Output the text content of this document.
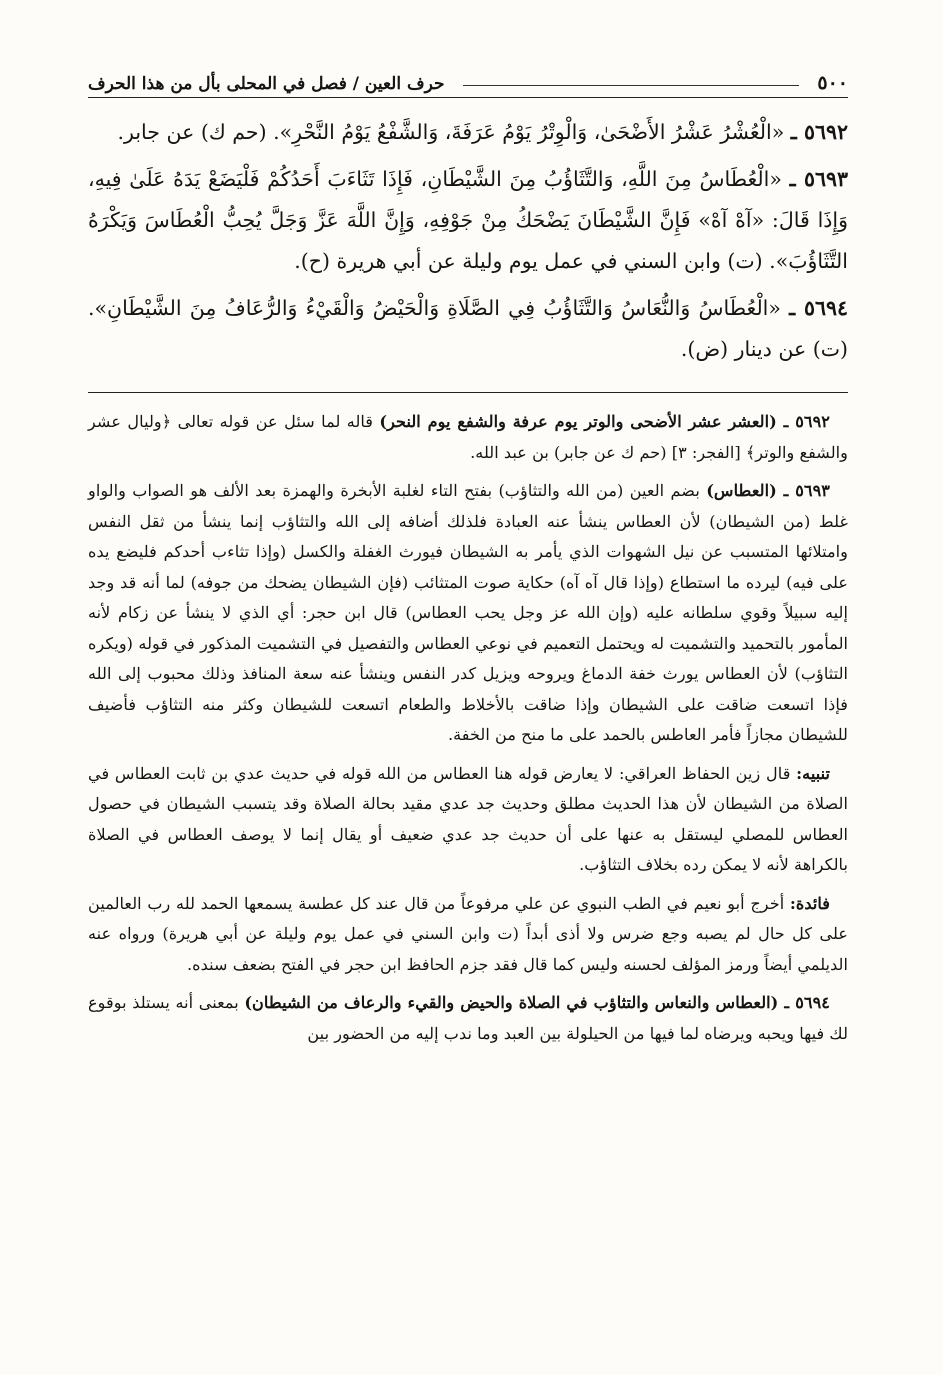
٥٠٠
حرف العين / فصل في المحلى بأل من هذا الحرف

٥٦٩٢ ـ «الْعُشْرُ عَشْرُ الأَضْحَىٰ، وَالْوِتْرُ يَوْمُ عَرَفَةَ، وَالشَّفْعُ يَوْمُ النَّحْرِ». (حم ك) عن جابر.

٥٦٩٣ ـ «الْعُطَاسُ مِنَ اللَّهِ، وَالتَّثَاؤُبُ مِنَ الشَّيْطَانِ، فَإِذَا تَثَاءَبَ أَحَدُكُمْ فَلْيَضَعْ يَدَهُ عَلَىٰ فِيهِ، وَإِذَا قَالَ: «آهْ آهْ» فَإِنَّ الشَّيْطَانَ يَضْحَكُ مِنْ جَوْفِهِ، وَإِنَّ اللَّهَ عَزَّ وَجَلَّ يُحِبُّ الْعُطَاسَ وَيَكْرَهُ التَّثَاؤُبَ». (ت) وابن السني في عمل يوم وليلة عن أبي هريرة (ح).

٥٦٩٤ ـ «الْعُطَاسُ وَالنُّعَاسُ وَالتَّثَاؤُبُ فِي الصَّلَاةِ وَالْحَيْضُ وَالْقَيْءُ وَالرُّعَافُ مِنَ الشَّيْطَانِ». (ت) عن دينار (ض).

٥٦٩٢ ـ (العشر عشر الأضحى والوتر يوم عرفة والشفع يوم النحر) قاله لما سئل عن قوله تعالى ﴿وليال عشر والشفع والوتر﴾ [الفجر: ٣] (حم ك عن جابر) بن عبد الله.

٥٦٩٣ ـ (العطاس) بضم العين (من الله والتثاؤب) بفتح التاء لغلبة الأبخرة والهمزة بعد الألف هو الصواب والواو غلط (من الشيطان) لأن العطاس ينشأ عنه العبادة فلذلك أضافه إلى الله والتثاؤب إنما ينشأ من ثقل النفس وامتلائها المتسبب عن نيل الشهوات الذي يأمر به الشيطان فيورث الغفلة والكسل (وإذا تثاءب أحدكم فليضع يده على فيه) ليرده ما استطاع (وإذا قال آه آه) حكاية صوت المتثائب (فإن الشيطان يضحك من جوفه) لما أنه قد وجد إليه سبيلاً وقوي سلطانه عليه (وإن الله عز وجل يحب العطاس) قال ابن حجر: أي الذي لا ينشأ عن زكام لأنه المأمور بالتحميد والتشميت له ويحتمل التعميم في نوعي العطاس والتفصيل في التشميت المذكور في قوله (ويكره التثاؤب) لأن العطاس يورث خفة الدماغ ويروحه ويزيل كدر النفس وينشأ عنه سعة المنافذ وذلك محبوب إلى الله فإذا اتسعت ضاقت على الشيطان وإذا ضاقت بالأخلاط والطعام اتسعت للشيطان وكثر منه التثاؤب فأضيف للشيطان مجازاً فأمر العاطس بالحمد على ما منح من الخفة.

تنبيه: قال زين الحفاظ العراقي: لا يعارض قوله هنا العطاس من الله قوله في حديث عدي بن ثابت العطاس في الصلاة من الشيطان لأن هذا الحديث مطلق وحديث جد عدي مقيد بحالة الصلاة وقد يتسبب الشيطان في حصول العطاس للمصلي ليستقل به عنها على أن حديث جد عدي ضعيف أو يقال إنما لا يوصف العطاس في الصلاة بالكراهة لأنه لا يمكن رده بخلاف التثاؤب.

فائدة: أخرج أبو نعيم في الطب النبوي عن علي مرفوعاً من قال عند كل عطسة يسمعها الحمد لله رب العالمين على كل حال لم يصبه وجع ضرس ولا أذى أبداً (ت وابن السني في عمل يوم وليلة عن أبي هريرة) ورواه عنه الديلمي أيضاً ورمز المؤلف لحسنه وليس كما قال فقد جزم الحافظ ابن حجر في الفتح بضعف سنده.

٥٦٩٤ ـ (العطاس والنعاس والتثاؤب في الصلاة والحيض والقيء والرعاف من الشيطان) بمعنى أنه يستلذ بوقوع لك فيها ويحبه ويرضاه لما فيها من الحيلولة بين العبد وما ندب إليه من الحضور بين
